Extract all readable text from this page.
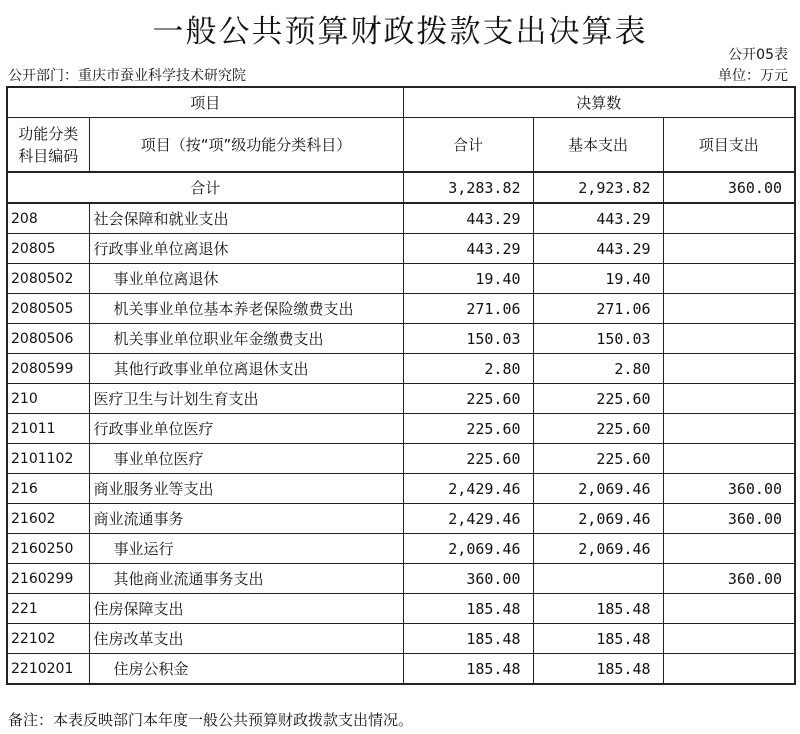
一般公共预算财政拨款支出决算表
公开05表
公开部门：重庆市蚕业科学技术研究院	单位：万元
项目		决算数		

功能分类
科目编码	项目（按“项”级功能分类科目）	合计	基本支出	项目支出
合计		3,283.82	2,923.82	360.00
208	社会保障和就业支出	443.29	443.29	
20805	行政事业单位离退休	443.29	443.29	
2080502	事业单位离退休	19.40	19.40	
2080505	机关事业单位基本养老保险缴费支出	271.06	271.06	
2080506	机关事业单位职业年金缴费支出	150.03	150.03	
2080599	其他行政事业单位离退休支出	2.80	2.80	
210	医疗卫生与计划生育支出	225.60	225.60	
21011	行政事业单位医疗	225.60	225.60	
2101102	事业单位医疗	225.60	225.60	
216	商业服务业等支出	2,429.46	2,069.46	360.00
21602	商业流通事务	2,429.46	2,069.46	360.00
2160250	事业运行	2,069.46	2,069.46	
2160299	其他商业流通事务支出	360.00		360.00
221	住房保障支出	185.48	185.48	
22102	住房改革支出	185.48	185.48	
2210201	住房公积金	185.48	185.48	
备注：本表反映部门本年度一般公共预算财政拨款支出情况。
